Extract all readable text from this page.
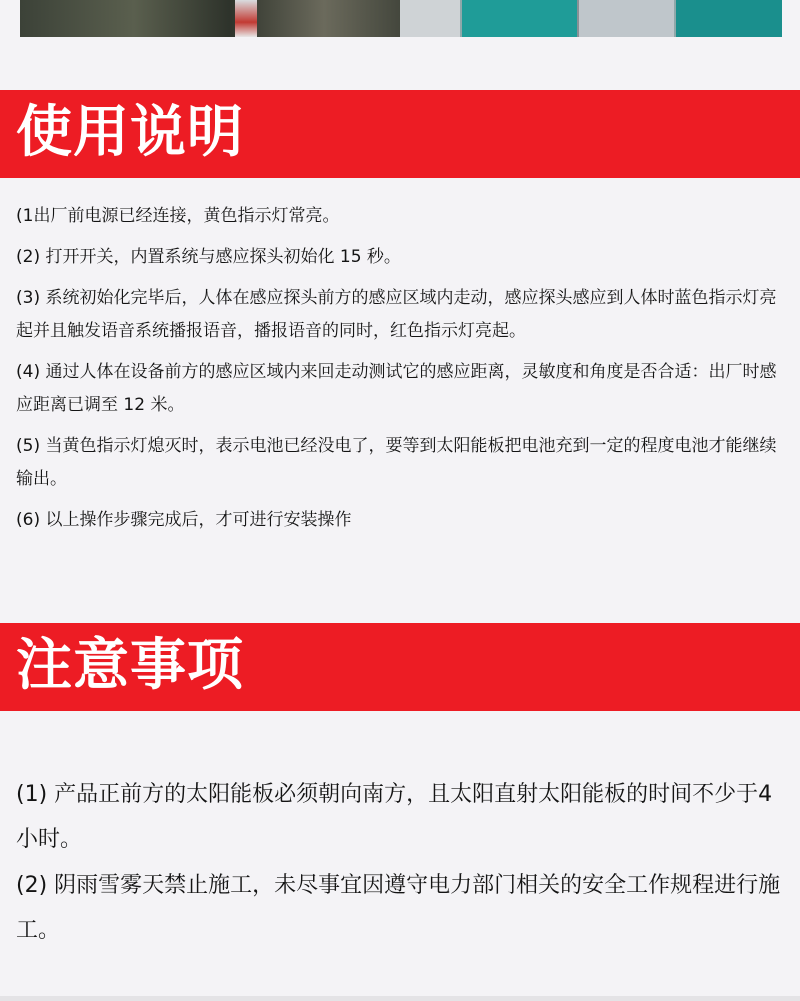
使用说明

(1出厂前电源已经连接，黄色指示灯常亮。

(2) 打开开关，内置系统与感应探头初始化 15 秒。

(3) 系统初始化完毕后，人体在感应探头前方的感应区域内走动，感应探头感应到人体时蓝色指示灯亮起并且触发语音系统播报语音，播报语音的同时，红色指示灯亮起。

(4) 通过人体在设备前方的感应区域内来回走动测试它的感应距离，灵敏度和角度是否合适：出厂时感应距离已调至 12 米。

(5) 当黄色指示灯熄灭时，表示电池已经没电了，要等到太阳能板把电池充到一定的程度电池才能继续输出。

(6) 以上操作步骤完成后，才可进行安装操作

注意事项

(1) 产品正前方的太阳能板必须朝向南方，且太阳直射太阳能板的时间不少于4小时。

(2) 阴雨雪雾天禁止施工，未尽事宜因遵守电力部门相关的安全工作规程进行施工。
